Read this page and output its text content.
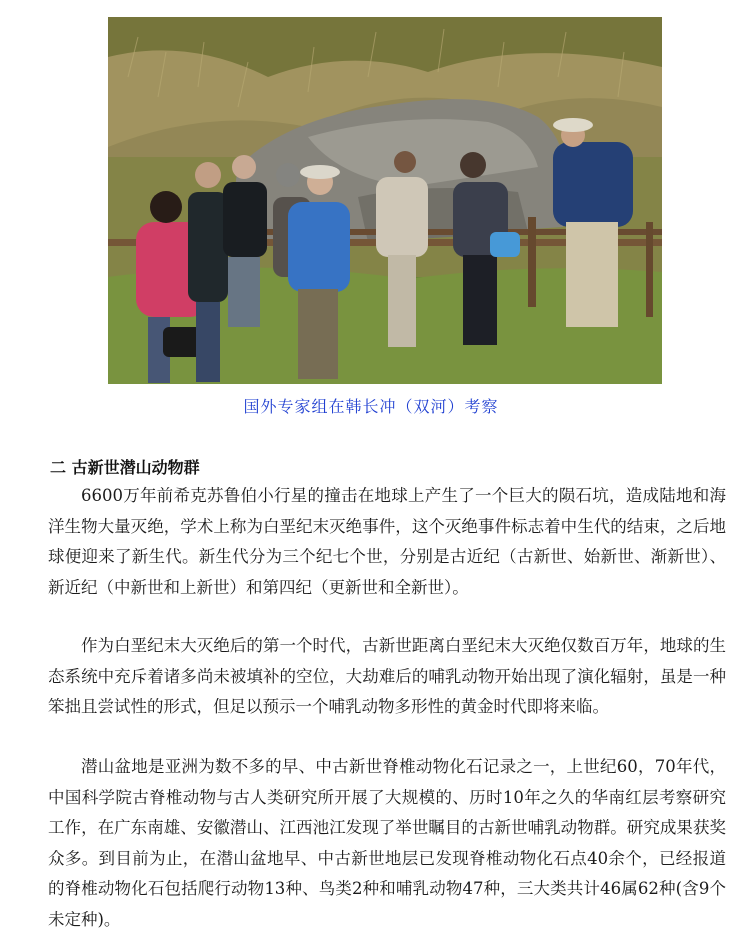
国外专家组在韩长冲（双河）考察
二 古新世潜山动物群

6600万年前希克苏鲁伯小行星的撞击在地球上产生了一个巨大的陨石坑，造成陆地和海洋生物大量灭绝，学术上称为白垩纪末灭绝事件，这个灭绝事件标志着中生代的结束，之后地球便迎来了新生代。新生代分为三个纪七个世，分别是古近纪（古新世、始新世、渐新世）、新近纪（中新世和上新世）和第四纪（更新世和全新世）。

作为白垩纪末大灭绝后的第一个时代，古新世距离白垩纪末大灭绝仅数百万年，地球的生态系统中充斥着诸多尚未被填补的空位，大劫难后的哺乳动物开始出现了演化辐射，虽是一种笨拙且尝试性的形式，但足以预示一个哺乳动物多形性的黄金时代即将来临。

潜山盆地是亚洲为数不多的早、中古新世脊椎动物化石记录之一，上世纪60，70年代，中国科学院古脊椎动物与古人类研究所开展了大规模的、历时10年之久的华南红层考察研究工作，在广东南雄、安徽潜山、江西池江发现了举世瞩目的古新世哺乳动物群。研究成果获奖众多。到目前为止，在潜山盆地早、中古新世地层已发现脊椎动物化石点40余个，已经报道的脊椎动物化石包括爬行动物13种、鸟类2种和哺乳动物47种，三大类共计46属62种(含9个未定种)。
